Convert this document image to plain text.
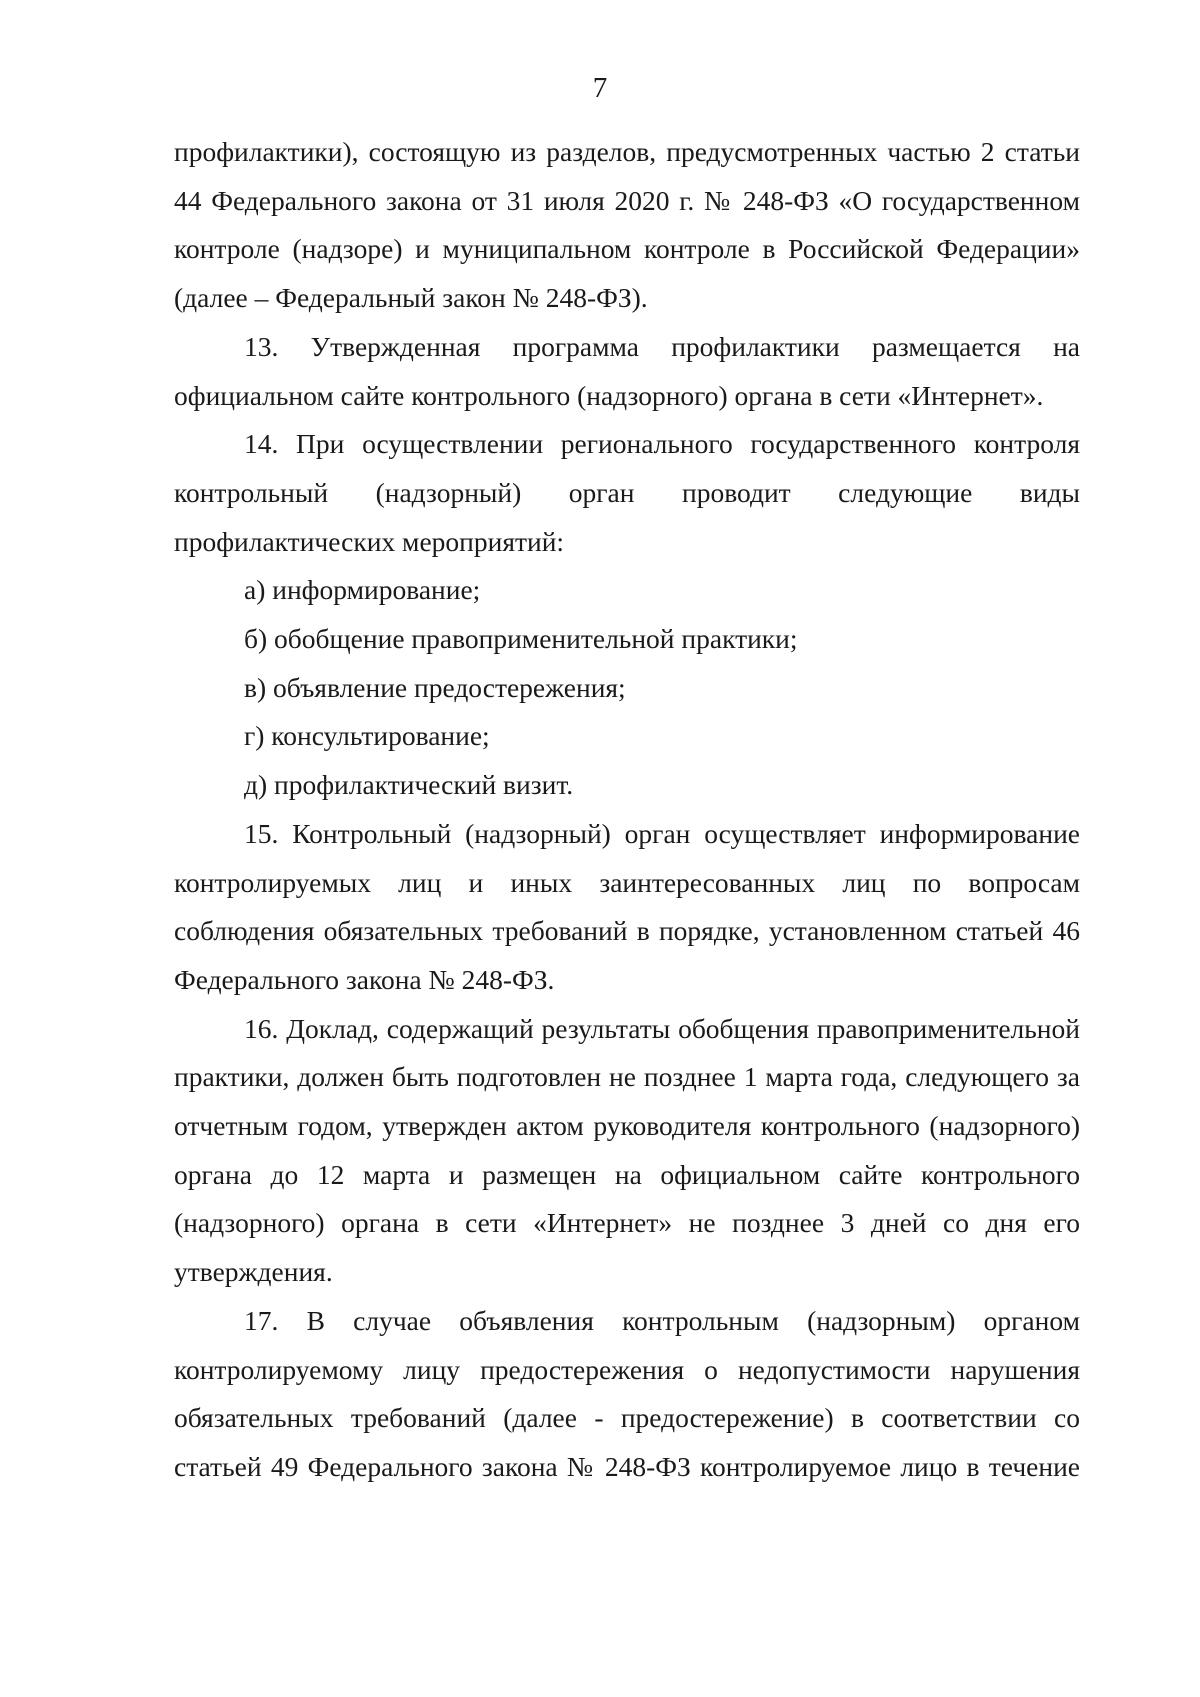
7

профилактики), состоящую из разделов, предусмотренных частью 2 статьи 44 Федерального закона от 31 июля 2020 г. № 248-ФЗ «О государственном контроле (надзоре) и муниципальном контроле в Российской Федерации» (далее – Федеральный закон № 248-ФЗ).

13. Утвержденная программа профилактики размещается на официальном сайте контрольного (надзорного) органа в сети «Интернет».

14. При осуществлении регионального государственного контроля контрольный (надзорный) орган проводит следующие виды профилактических мероприятий:

а) информирование;

б) обобщение правоприменительной практики;

в) объявление предостережения;

г) консультирование;

д) профилактический визит.

15. Контрольный (надзорный) орган осуществляет информирование контролируемых лиц и иных заинтересованных лиц по вопросам соблюдения обязательных требований в порядке, установленном статьей 46 Федерального закона № 248-ФЗ.

16. Доклад, содержащий результаты обобщения правоприменительной практики, должен быть подготовлен не позднее 1 марта года, следующего за отчетным годом, утвержден актом руководителя контрольного (надзорного) органа до 12 марта и размещен на официальном сайте контрольного (надзорного) органа в сети «Интернет» не позднее 3 дней со дня его утверждения.

17. В случае объявления контрольным (надзорным) органом контролируемому лицу предостережения о недопустимости нарушения обязательных требований (далее - предостережение) в соответствии со статьей 49 Федерального закона № 248-ФЗ контролируемое лицо в течение
